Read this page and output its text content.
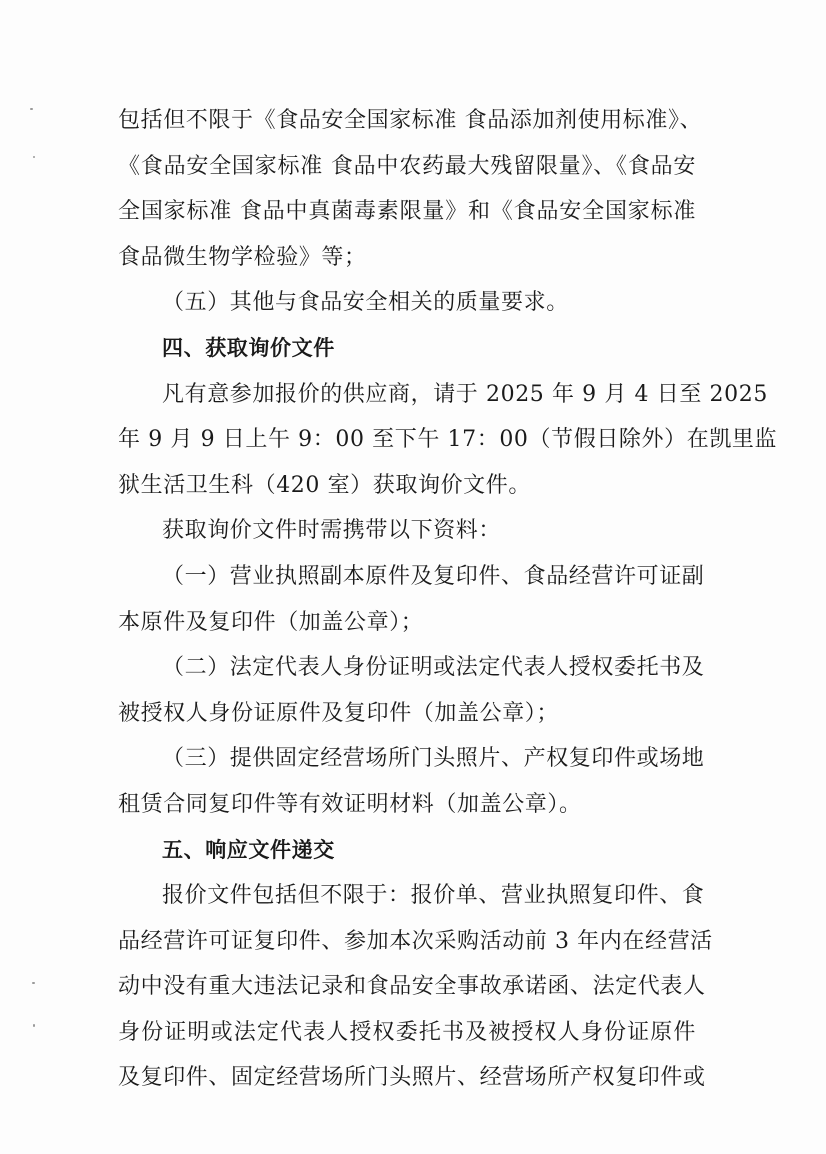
包括但不限于《食品安全国家标准 食品添加剂使用标准》、
《食品安全国家标准 食品中农药最大残留限量》、《食品安
全国家标准 食品中真菌毒素限量》和《食品安全国家标准
食品微生物学检验》等；
（五）其他与食品安全相关的质量要求。
四、获取询价文件
凡有意参加报价的供应商，请于 2025 年 9 月 4 日至 2025
年 9 月 9 日上午 9：00 至下午 17：00（节假日除外）在凯里监
狱生活卫生科（420 室）获取询价文件。
获取询价文件时需携带以下资料：
（一）营业执照副本原件及复印件、食品经营许可证副
本原件及复印件（加盖公章）；
（二）法定代表人身份证明或法定代表人授权委托书及
被授权人身份证原件及复印件（加盖公章）；
（三）提供固定经营场所门头照片、产权复印件或场地
租赁合同复印件等有效证明材料（加盖公章）。
五、响应文件递交
报价文件包括但不限于：报价单、营业执照复印件、食
品经营许可证复印件、参加本次采购活动前 3 年内在经营活
动中没有重大违法记录和食品安全事故承诺函、法定代表人
身份证明或法定代表人授权委托书及被授权人身份证原件
及复印件、固定经营场所门头照片、经营场所产权复印件或
